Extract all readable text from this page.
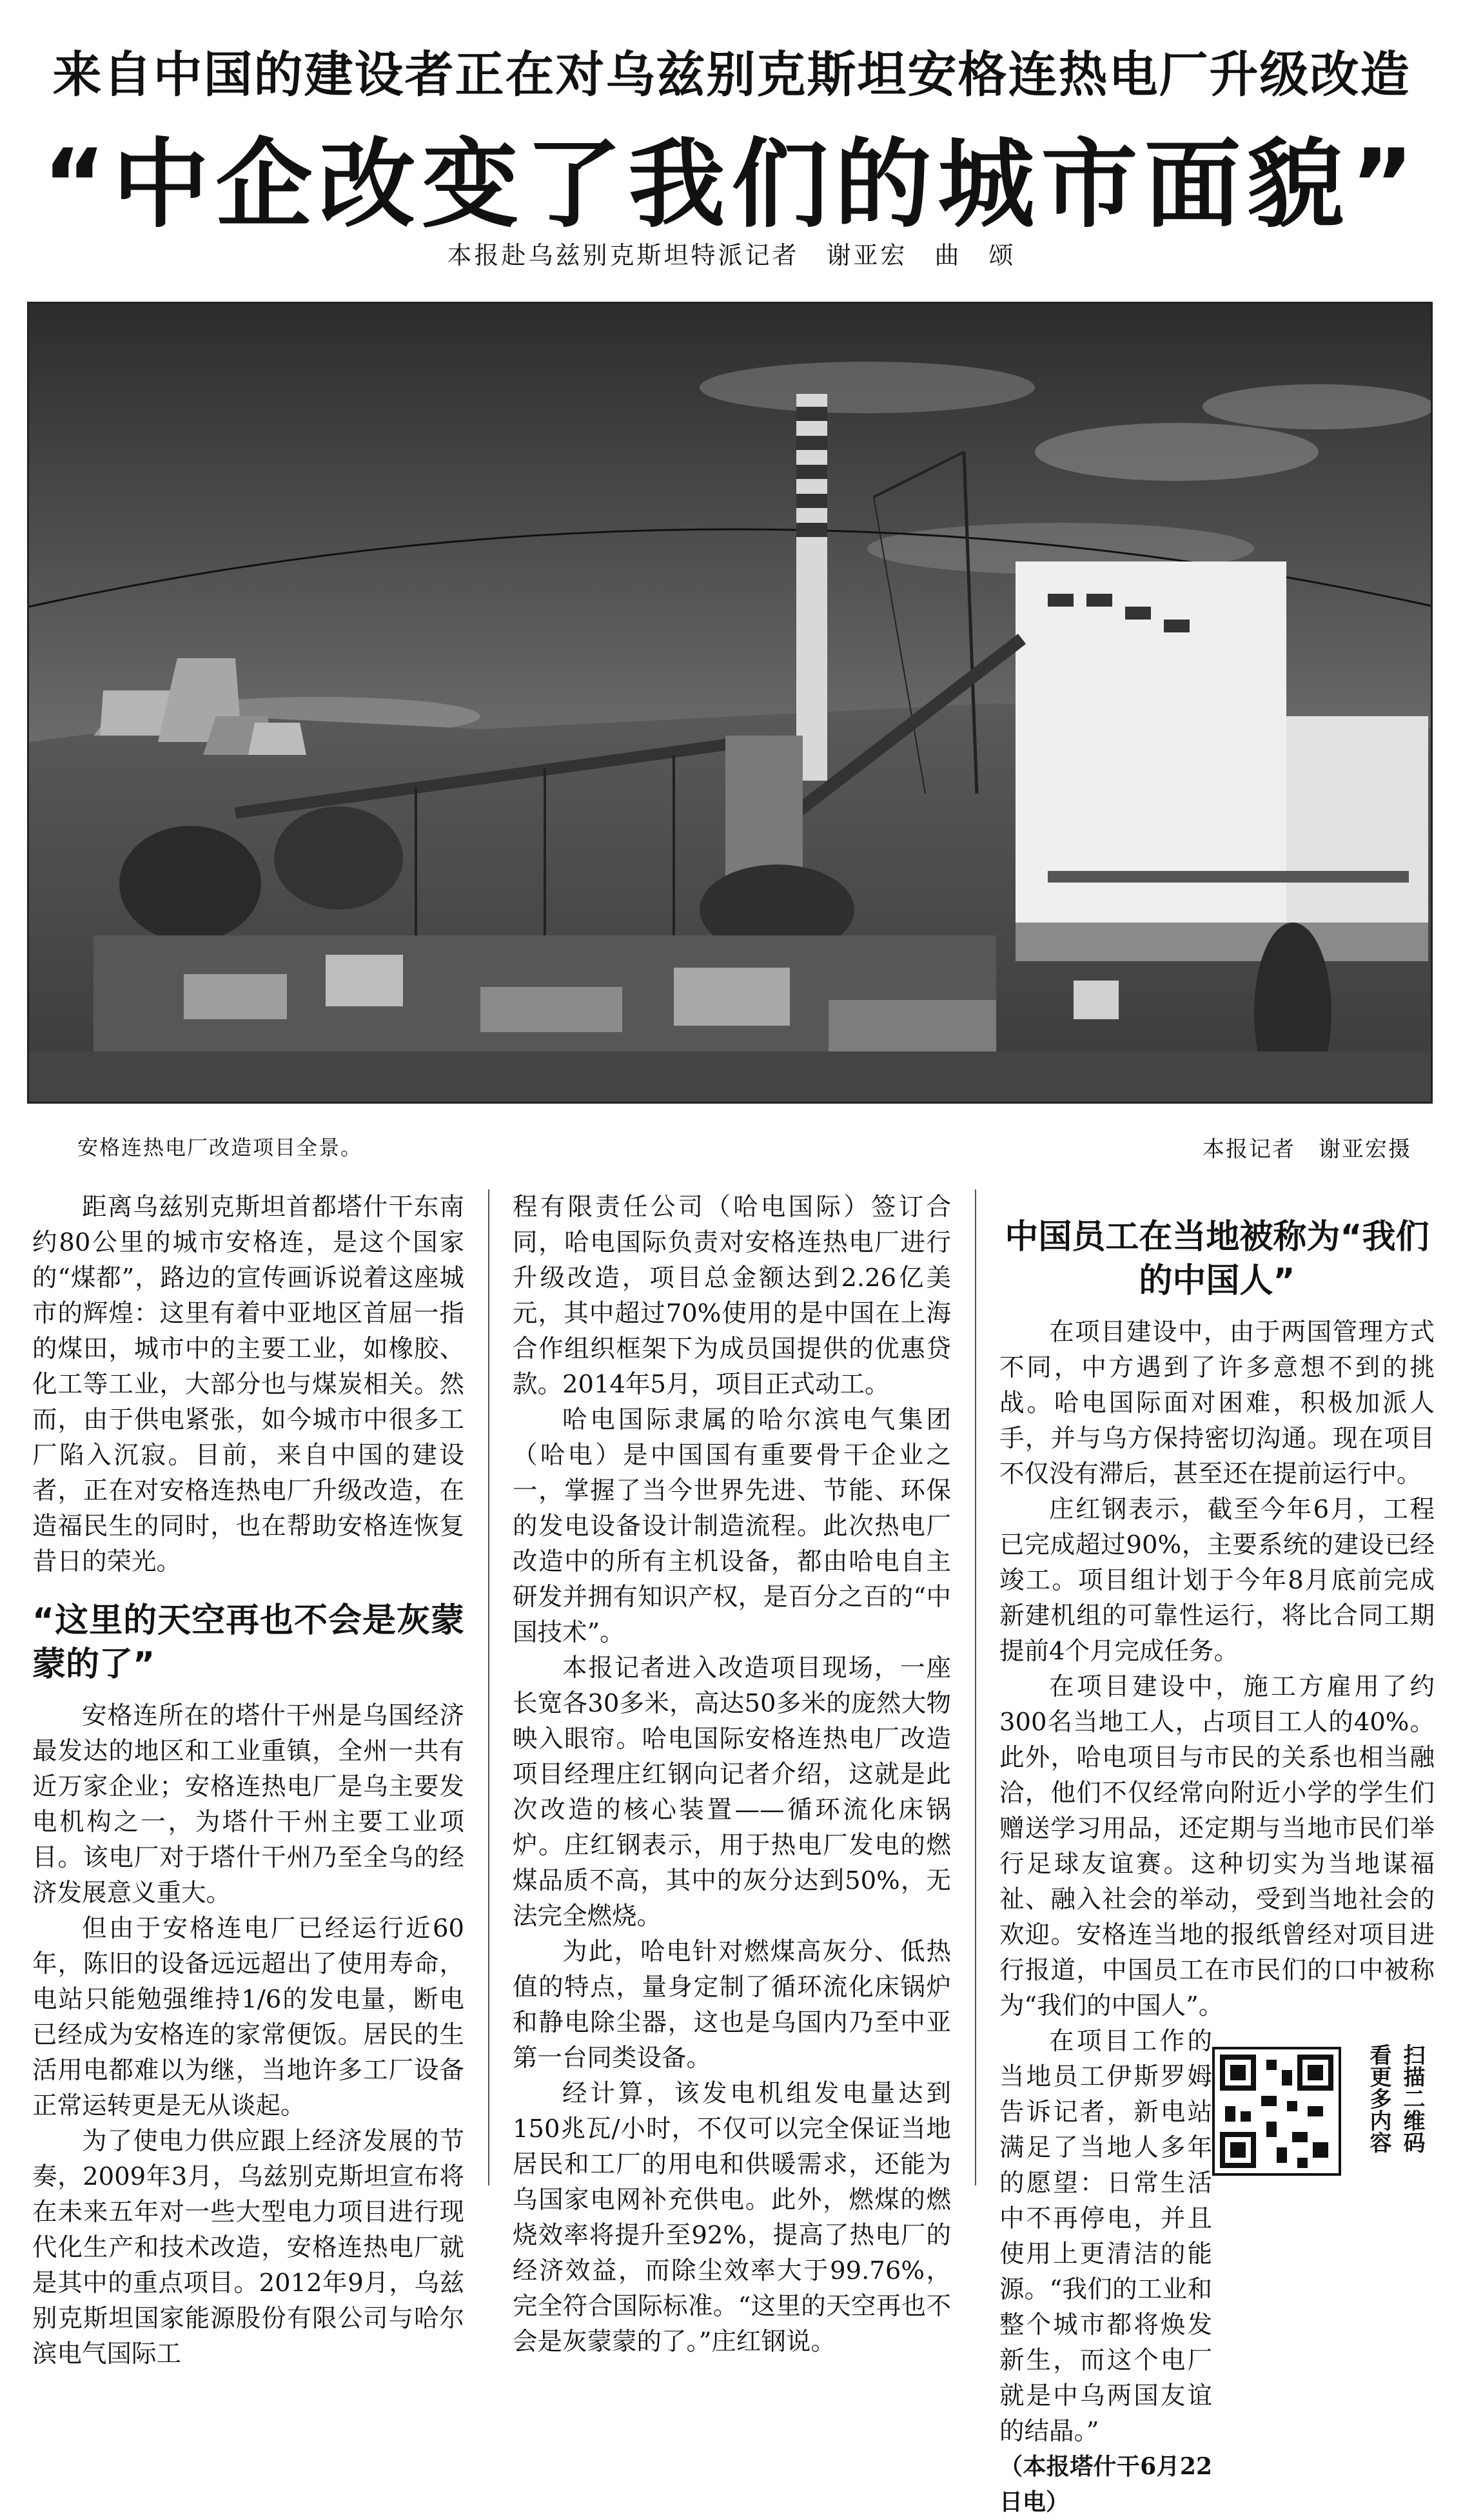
来自中国的建设者正在对乌兹别克斯坦安格连热电厂升级改造
“中企改变了我们的城市面貌”
本报赴乌兹别克斯坦特派记者　谢亚宏　曲　颂
安格连热电厂改造项目全景。	本报记者　谢亚宏摄

距离乌兹别克斯坦首都塔什干东南约80公里的城市安格连，是这个国家的“煤都”，路边的宣传画诉说着这座城市的辉煌：这里有着中亚地区首屈一指的煤田，城市中的主要工业，如橡胶、化工等工业，大部分也与煤炭相关。然而，由于供电紧张，如今城市中很多工厂陷入沉寂。目前，来自中国的建设者，正在对安格连热电厂升级改造，在造福民生的同时，也在帮助安格连恢复昔日的荣光。

“这里的天空再也不会是灰蒙蒙的了”

安格连所在的塔什干州是乌国经济最发达的地区和工业重镇，全州一共有近万家企业；安格连热电厂是乌主要发电机构之一，为塔什干州主要工业项目。该电厂对于塔什干州乃至全乌的经济发展意义重大。

但由于安格连电厂已经运行近60年，陈旧的设备远远超出了使用寿命，电站只能勉强维持1/6的发电量，断电已经成为安格连的家常便饭。居民的生活用电都难以为继，当地许多工厂设备正常运转更是无从谈起。

为了使电力供应跟上经济发展的节奏，2009年3月，乌兹别克斯坦宣布将在未来五年对一些大型电力项目进行现代化生产和技术改造，安格连热电厂就是其中的重点项目。2012年9月，乌兹别克斯坦国家能源股份有限公司与哈尔滨电气国际工

程有限责任公司（哈电国际）签订合同，哈电国际负责对安格连热电厂进行升级改造，项目总金额达到2.26亿美元，其中超过70%使用的是中国在上海合作组织框架下为成员国提供的优惠贷款。2014年5月，项目正式动工。

哈电国际隶属的哈尔滨电气集团（哈电）是中国国有重要骨干企业之一，掌握了当今世界先进、节能、环保的发电设备设计制造流程。此次热电厂改造中的所有主机设备，都由哈电自主研发并拥有知识产权，是百分之百的“中国技术”。

本报记者进入改造项目现场，一座长宽各30多米，高达50多米的庞然大物映入眼帘。哈电国际安格连热电厂改造项目经理庄红钢向记者介绍，这就是此次改造的核心装置——循环流化床锅炉。庄红钢表示，用于热电厂发电的燃煤品质不高，其中的灰分达到50%，无法完全燃烧。

为此，哈电针对燃煤高灰分、低热值的特点，量身定制了循环流化床锅炉和静电除尘器，这也是乌国内乃至中亚第一台同类设备。

经计算，该发电机组发电量达到150兆瓦/小时，不仅可以完全保证当地居民和工厂的用电和供暖需求，还能为乌国家电网补充供电。此外，燃煤的燃烧效率将提升至92%，提高了热电厂的经济效益，而除尘效率大于99.76%，完全符合国际标准。“这里的天空再也不会是灰蒙蒙的了。”庄红钢说。

中国员工在当地被称为“我们的中国人”

在项目建设中，由于两国管理方式不同，中方遇到了许多意想不到的挑战。哈电国际面对困难，积极加派人手，并与乌方保持密切沟通。现在项目不仅没有滞后，甚至还在提前运行中。

庄红钢表示，截至今年6月，工程已完成超过90%，主要系统的建设已经竣工。项目组计划于今年8月底前完成新建机组的可靠性运行，将比合同工期提前4个月完成任务。

在项目建设中，施工方雇用了约300名当地工人，占项目工人的40%。此外，哈电项目与市民的关系也相当融洽，他们不仅经常向附近小学的学生们赠送学习用品，还定期与当地市民们举行足球友谊赛。这种切实为当地谋福祉、融入社会的举动，受到当地社会的欢迎。安格连当地的报纸曾经对项目进行报道，中国员工在市民们的口中被称为“我们的中国人”。

在项目工作的当地员工伊斯罗姆告诉记者，新电站满足了当地人多年的愿望：日常生活中不再停电，并且使用上更清洁的能源。“我们的工业和整个城市都将焕发新生，而这个电厂就是中乌两国友谊的结晶。”

（本报塔什干6月22日电）
扫描二维码
看更多内容
